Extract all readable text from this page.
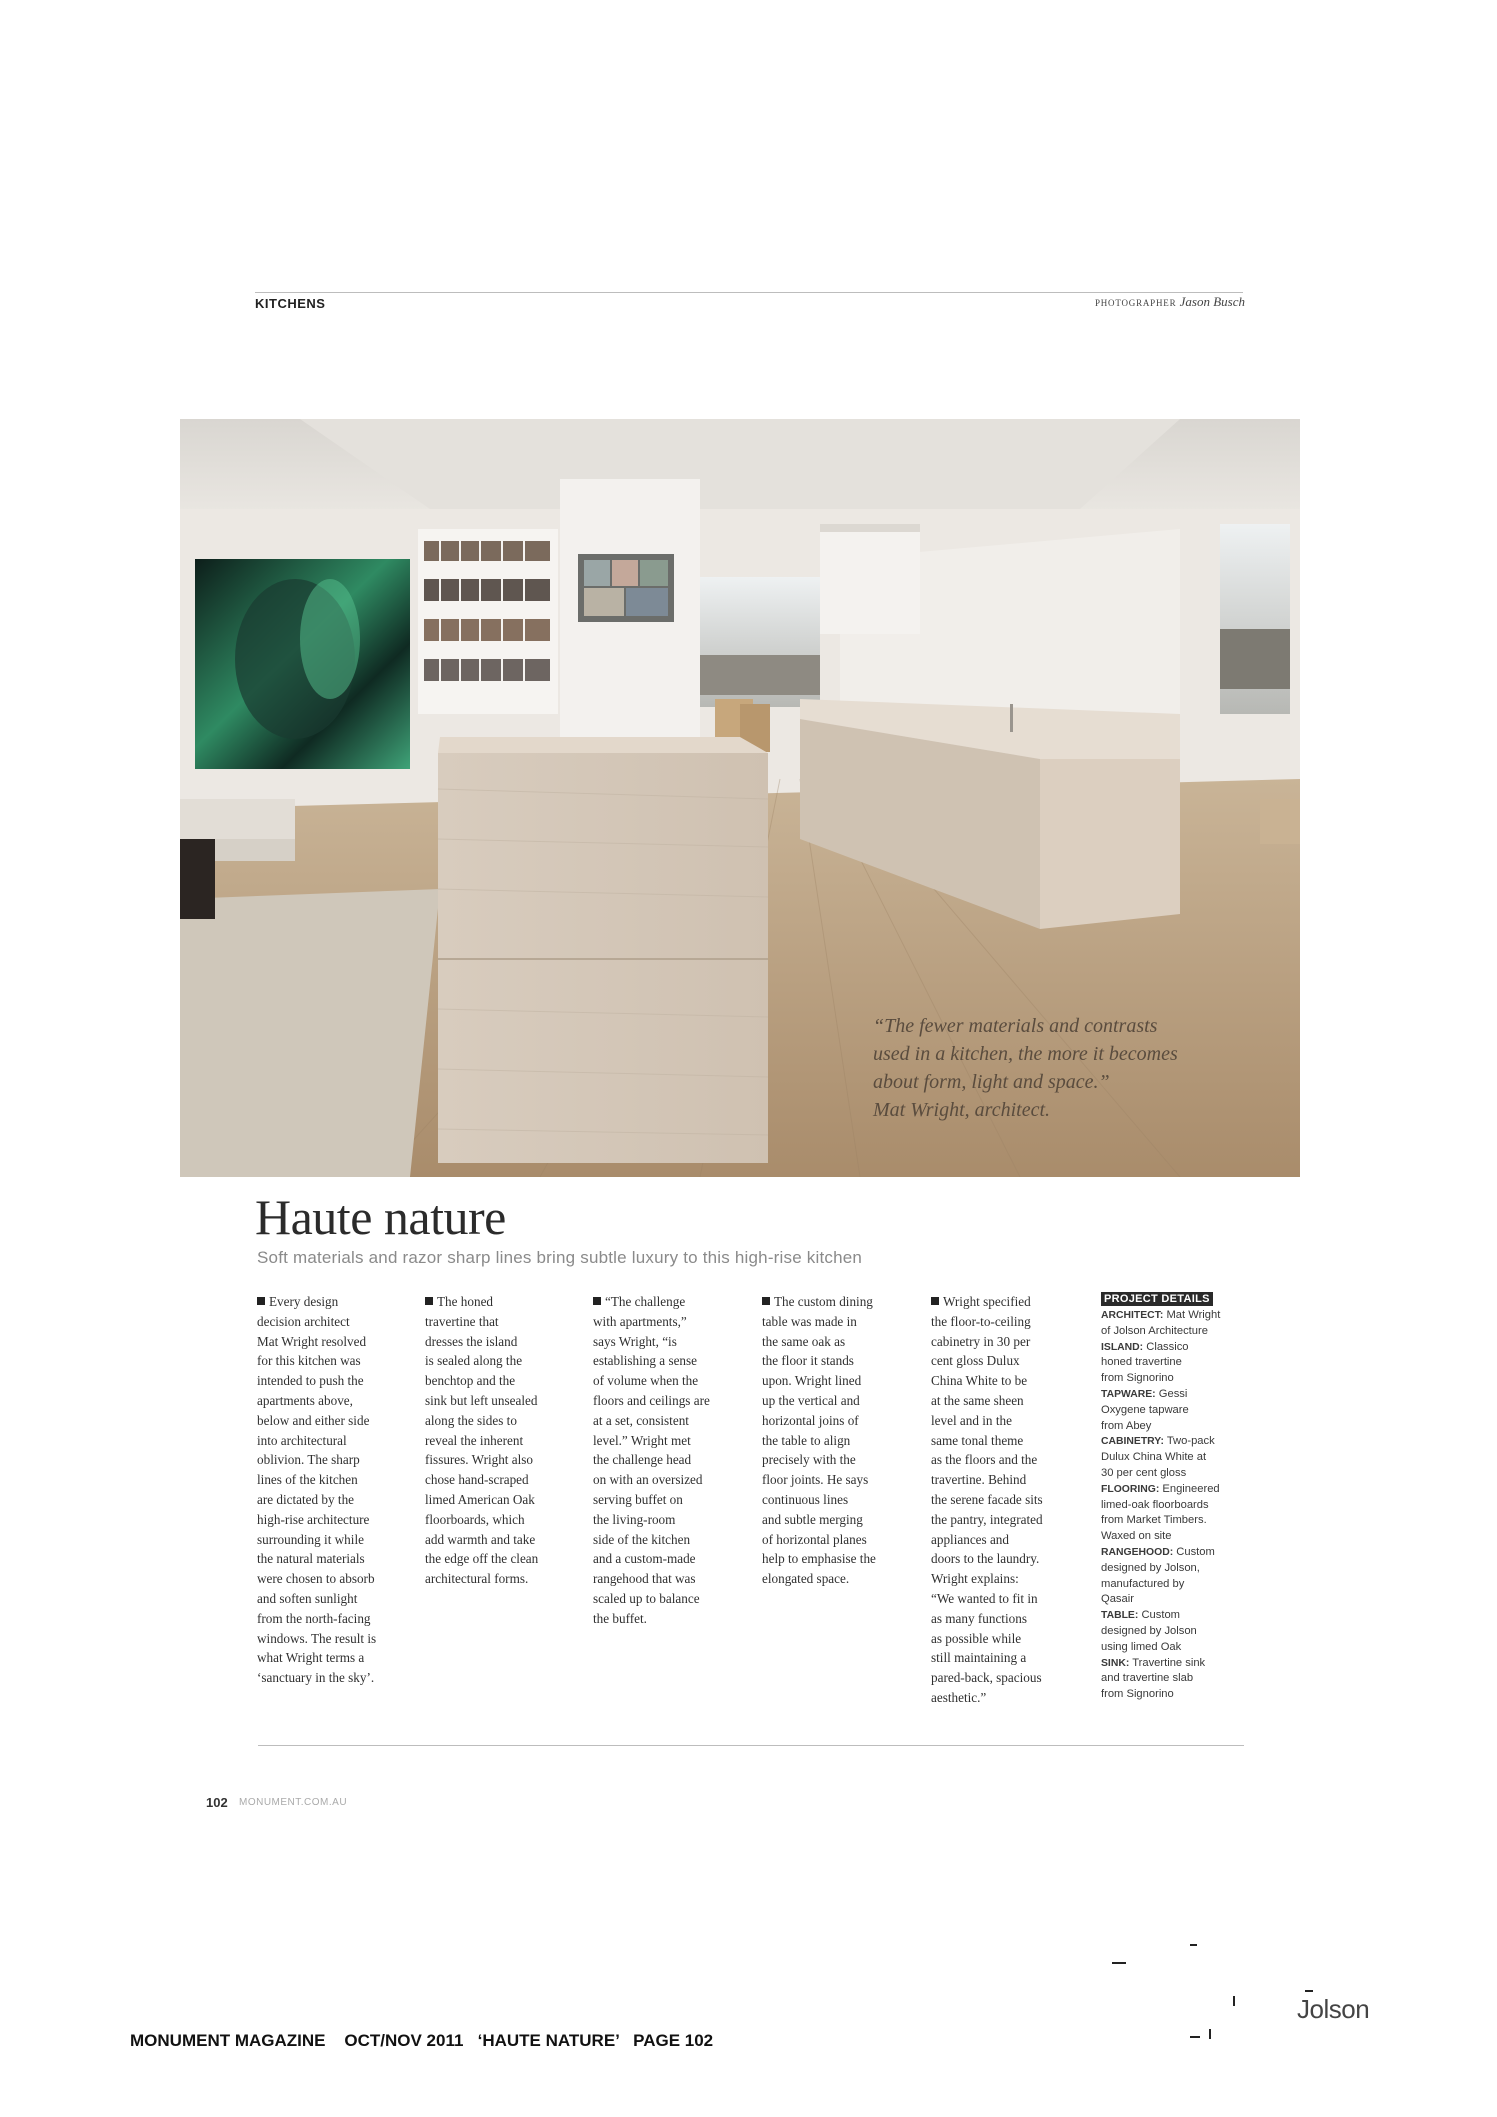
KITCHENS	PHOTOGRAPHER Jason Busch
“The fewer materials and contrasts
used in a kitchen, the more it becomes
about form, light and space.”
Mat Wright, architect.
Haute nature
Soft materials and razor sharp lines bring subtle luxury to this high-rise kitchen
Every design
decision architect
Mat Wright resolved
for this kitchen was
intended to push the
apartments above,
below and either side
into architectural
oblivion. The sharp
lines of the kitchen
are dictated by the
high-rise architecture
surrounding it while
the natural materials
were chosen to absorb
and soften sunlight
from the north-facing
windows. The result is
what Wright terms a
‘sanctuary in the sky’.
The honed
travertine that
dresses the island
is sealed along the
benchtop and the
sink but left unsealed
along the sides to
reveal the inherent
fissures. Wright also
chose hand-scraped
limed American Oak
floorboards, which
add warmth and take
the edge off the clean
architectural forms.
“The challenge
with apartments,”
says Wright, “is
establishing a sense
of volume when the
floors and ceilings are
at a set, consistent
level.” Wright met
the challenge head
on with an oversized
serving buffet on
the living-room
side of the kitchen
and a custom-made
rangehood that was
scaled up to balance
the buffet.
The custom dining
table was made in
the same oak as
the floor it stands
upon. Wright lined
up the vertical and
horizontal joins of
the table to align
precisely with the
floor joints. He says
continuous lines
and subtle merging
of horizontal planes
help to emphasise the
elongated space.
Wright specified
the floor-to-ceiling
cabinetry in 30 per
cent gloss Dulux
China White to be
at the same sheen
level and in the
same tonal theme
as the floors and the
travertine. Behind
the serene facade sits
the pantry, integrated
appliances and
doors to the laundry.
Wright explains:
“We wanted to fit in
as many functions
as possible while
still maintaining a
pared-back, spacious
aesthetic.”
PROJECT DETAILS
ARCHITECT: Mat Wright
of Jolson Architecture
ISLAND: Classico
honed travertine
from Signorino
TAPWARE: Gessi
Oxygene tapware
from Abey
CABINETRY: Two-pack
Dulux China White at
30 per cent gloss
FLOORING: Engineered
limed-oak floorboards
from Market Timbers.
Waxed on site
RANGEHOOD: Custom
designed by Jolson,
manufactured by
Qasair
TABLE: Custom
designed by Jolson
using limed Oak
SINK: Travertine sink
and travertine slab
from Signorino
102 MONUMENT.COM.AU
MONUMENT MAGAZINE    OCT/NOV 2011   ‘HAUTE NATURE’   PAGE 102
Jolson
